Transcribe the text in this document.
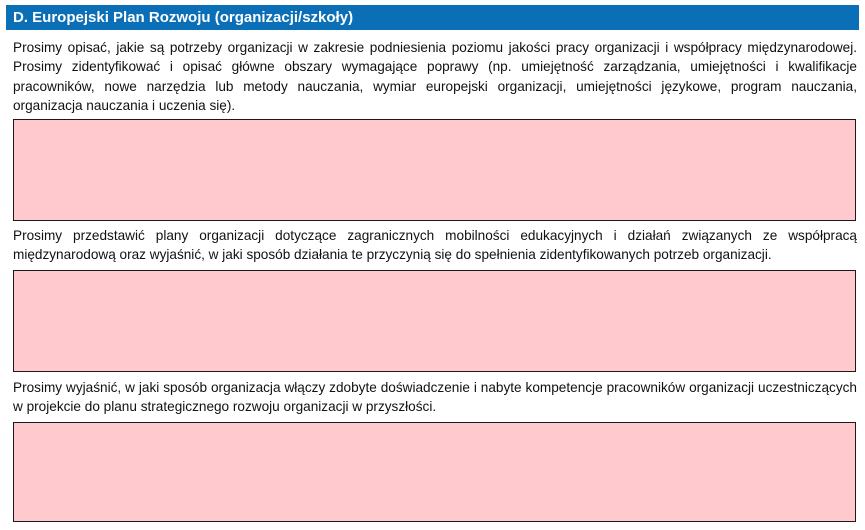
D. Europejski Plan Rozwoju (organizacji/szkoły)

Prosimy opisać, jakie są potrzeby organizacji w zakresie podniesienia poziomu jakości pracy organizacji i współpracy międzynarodowej. Prosimy zidentyfikować i opisać główne obszary wymagające poprawy (np. umiejętność zarządzania, umiejętności i kwalifikacje pracowników, nowe narzędzia lub metody nauczania, wymiar europejski organizacji, umiejętności językowe, program nauczania, organizacja nauczania i uczenia się).

Prosimy przedstawić plany organizacji dotyczące zagranicznych mobilności edukacyjnych i działań związanych ze współpracą międzynarodową oraz wyjaśnić, w jaki sposób działania te przyczynią się do spełnienia zidentyfikowanych potrzeb organizacji.

Prosimy wyjaśnić, w jaki sposób organizacja włączy zdobyte doświadczenie i nabyte kompetencje pracowników organizacji uczestniczących w projekcie do planu strategicznego rozwoju organizacji w przyszłości.
